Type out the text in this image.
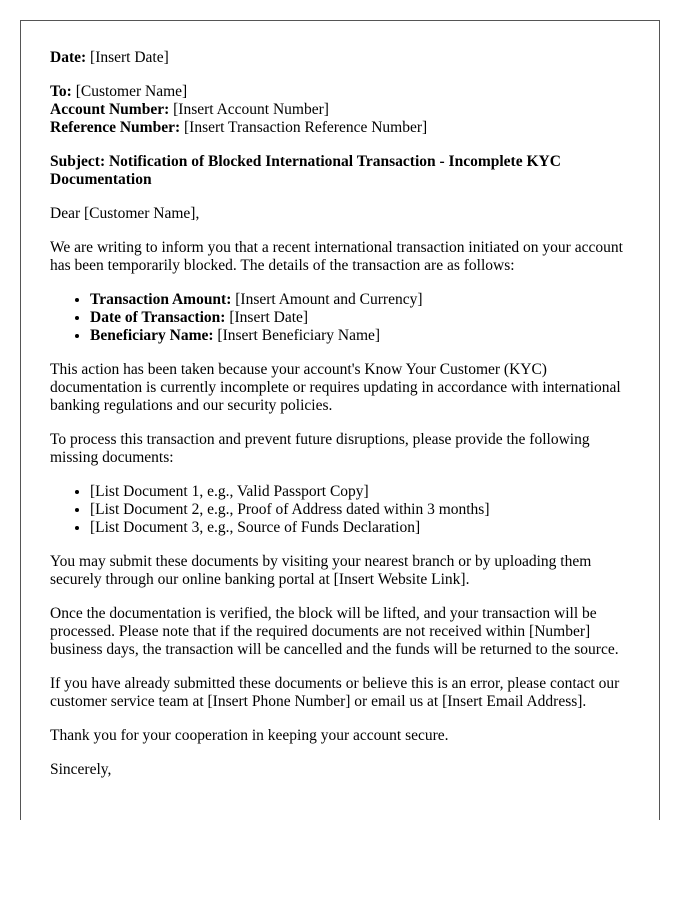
Date: [Insert Date]

To: [Customer Name]
Account Number: [Insert Account Number]
Reference Number: [Insert Transaction Reference Number]

Subject: Notification of Blocked International Transaction - Incomplete KYC Documentation

Dear [Customer Name],

We are writing to inform you that a recent international transaction initiated on your account has been temporarily blocked. The details of the transaction are as follows:

• Transaction Amount: [Insert Amount and Currency]
• Date of Transaction: [Insert Date]
• Beneficiary Name: [Insert Beneficiary Name]

This action has been taken because your account's Know Your Customer (KYC) documentation is currently incomplete or requires updating in accordance with international banking regulations and our security policies.

To process this transaction and prevent future disruptions, please provide the following missing documents:

• [List Document 1, e.g., Valid Passport Copy]
• [List Document 2, e.g., Proof of Address dated within 3 months]
• [List Document 3, e.g., Source of Funds Declaration]

You may submit these documents by visiting your nearest branch or by uploading them securely through our online banking portal at [Insert Website Link].

Once the documentation is verified, the block will be lifted, and your transaction will be processed. Please note that if the required documents are not received within [Number] business days, the transaction will be cancelled and the funds will be returned to the source.

If you have already submitted these documents or believe this is an error, please contact our customer service team at [Insert Phone Number] or email us at [Insert Email Address].

Thank you for your cooperation in keeping your account secure.

Sincerely,
